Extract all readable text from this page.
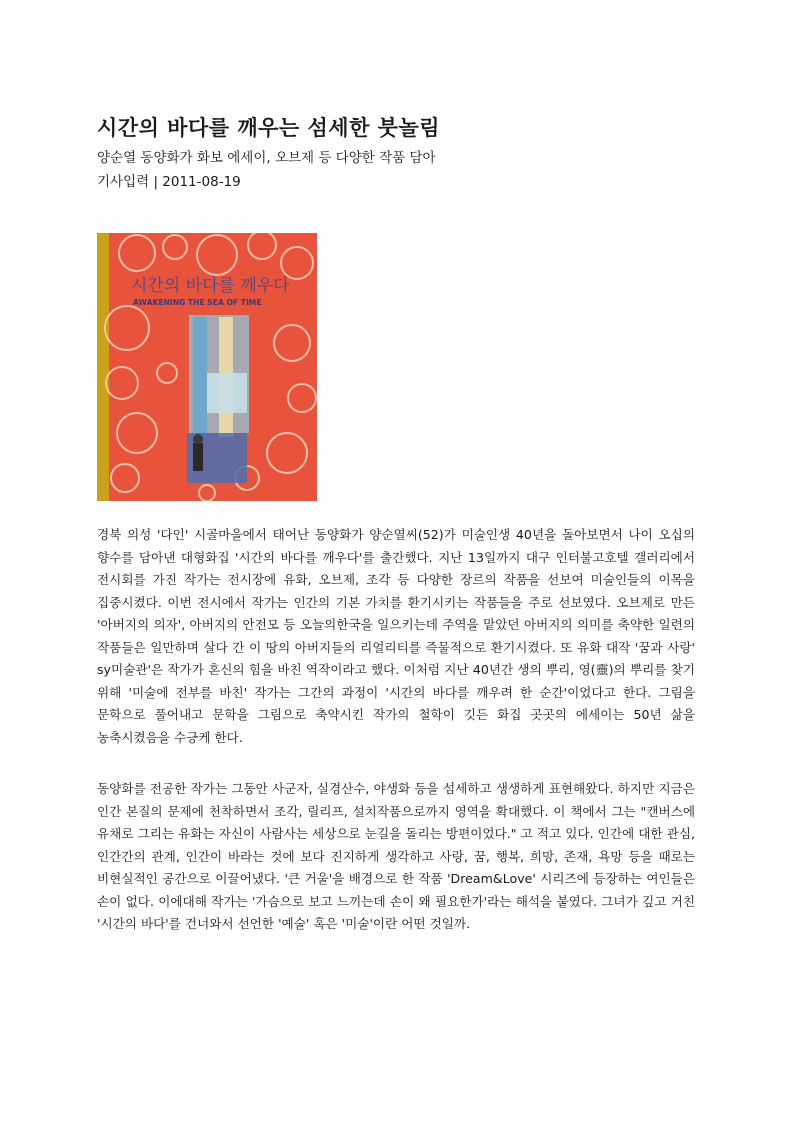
시간의 바다를 깨우는 섬세한 붓놀림
양순열 동양화가 화보 에세이, 오브제 등 다양한 작품 담아
기사입력 | 2011-08-19
시간의 바다를 깨우다
AWAKENING THE SEA OF TIME
경북 의성 '다인' 시골마을에서 태어난 동양화가 양순열씨(52)가 미술인생 40년을 돌아보면서 나이 오십의 향수를 담아낸 대형화집 '시간의 바다를 깨우다'를 출간했다. 지난 13일까지 대구 인터불고호텔 갤러리에서 전시회를 가진 작가는 전시장에 유화, 오브제, 조각 등 다양한 장르의 작품을 선보여 미술인들의 이목을 집중시켰다. 이번 전시에서 작가는 인간의 기본 가치를 환기시키는 작품들을 주로 선보였다. 오브제로 만든 '아버지의 의자', 아버지의 안전모 등 오늘의한국을 일으키는데 주역을 맡았던 아버지의 의미를 축약한 일련의 작품들은 일만하며 살다 간 이 땅의 아버지들의 리얼리티를 즉물적으로 환기시켰다. 또 유화 대작 '꿈과 사랑' sy미술관'은 작가가 혼신의 힘을 바친 역작이라고 했다. 이처럼 지난 40년간 생의 뿌리, 영(靈)의 뿌리를 찾기 위해 '미술에 전부를 바친' 작가는 그간의 과정이 '시간의 바다를 깨우려 한 순간'이었다고 한다. 그림을 문학으로 풀어내고 문학을 그림으로 축약시킨 작가의 철학이 깃든 화집 곳곳의 에세이는 50년 삶을 농축시켰음을 수긍케 한다.
동양화를 전공한 작가는 그동안 사군자, 실경산수, 야생화 등을 섬세하고 생생하게 표현해왔다. 하지만 지금은 인간 본질의 문제에 천착하면서 조각, 릴리프, 설치작품으로까지 영역을 확대했다. 이 책에서 그는 "캔버스에 유채로 그리는 유화는 자신이 사람사는 세상으로 눈길을 돌리는 방편이었다." 고 적고 있다. 인간에 대한 관심, 인간간의 관계, 인간이 바라는 것에 보다 진지하게 생각하고 사랑, 꿈, 행복, 희망, 존재, 욕망 등을 때로는 비현실적인 공간으로 이끌어냈다. '큰 거울'을 배경으로 한 작품 'Dream&Love' 시리즈에 등장하는 여인들은 손이 없다. 이에대해 작가는 '가슴으로 보고 느끼는데 손이 왜 필요한가'라는 해석을 붙였다. 그녀가 깊고 거친 '시간의 바다'를 건너와서 선언한 '예술' 혹은 '미술'이란 어떤 것일까.
